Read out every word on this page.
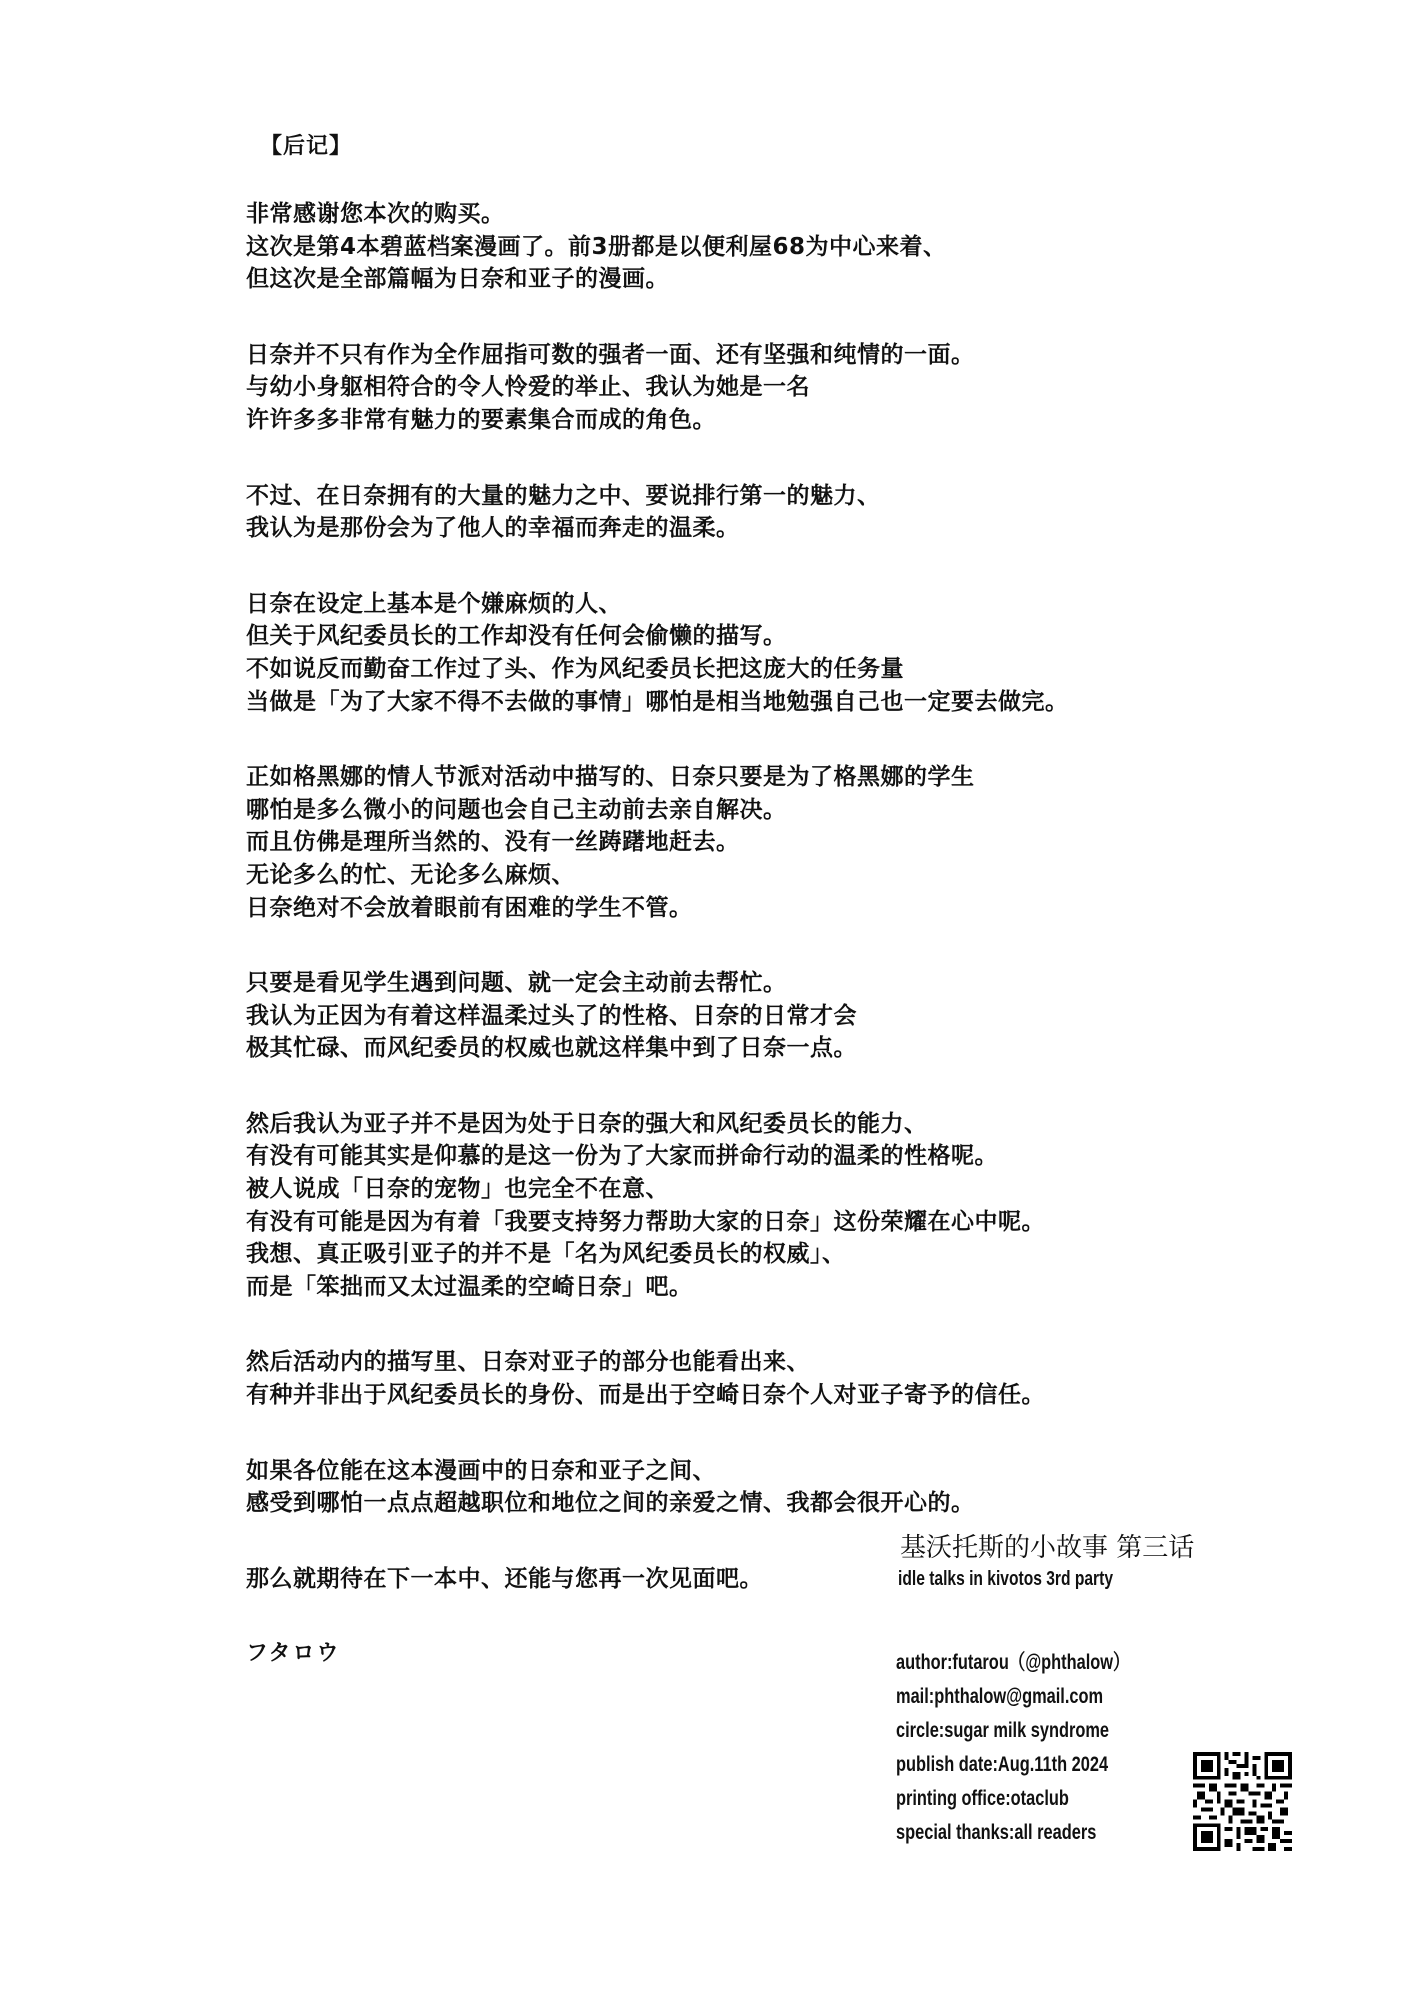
【后记】
非常感谢您本次的购买。
这次是第4本碧蓝档案漫画了。前3册都是以便利屋68为中心来着、
但这次是全部篇幅为日奈和亚子的漫画。
日奈并不只有作为全作屈指可数的强者一面、还有坚强和纯情的一面。
与幼小身躯相符合的令人怜爱的举止、我认为她是一名
许许多多非常有魅力的要素集合而成的角色。
不过、在日奈拥有的大量的魅力之中、要说排行第一的魅力、
我认为是那份会为了他人的幸福而奔走的温柔。
日奈在设定上基本是个嫌麻烦的人、
但关于风纪委员长的工作却没有任何会偷懒的描写。
不如说反而勤奋工作过了头、作为风纪委员长把这庞大的任务量
当做是「为了大家不得不去做的事情」哪怕是相当地勉强自己也一定要去做完。
正如格黑娜的情人节派对活动中描写的、日奈只要是为了格黑娜的学生
哪怕是多么微小的问题也会自己主动前去亲自解决。
而且仿佛是理所当然的、没有一丝踌躇地赶去。
无论多么的忙、无论多么麻烦、
日奈绝对不会放着眼前有困难的学生不管。
只要是看见学生遇到问题、就一定会主动前去帮忙。
我认为正因为有着这样温柔过头了的性格、日奈的日常才会
极其忙碌、而风纪委员的权威也就这样集中到了日奈一点。
然后我认为亚子并不是因为处于日奈的强大和风纪委员长的能力、
有没有可能其实是仰慕的是这一份为了大家而拼命行动的温柔的性格呢。
被人说成「日奈的宠物」也完全不在意、
有没有可能是因为有着「我要支持努力帮助大家的日奈」这份荣耀在心中呢。
我想、真正吸引亚子的并不是「名为风纪委员长的权威」、
而是「笨拙而又太过温柔的空崎日奈」吧。
然后活动内的描写里、日奈对亚子的部分也能看出来、
有种并非出于风纪委员长的身份、而是出于空崎日奈个人对亚子寄予的信任。
如果各位能在这本漫画中的日奈和亚子之间、
感受到哪怕一点点超越职位和地位之间的亲爱之情、我都会很开心的。
那么就期待在下一本中、还能与您再一次见面吧。
フタロウ
基沃托斯的小故事 第三话
idle talks in kivotos 3rd party
author:futarou（@phthalow）
mail:phthalow@gmail.com
circle:sugar milk syndrome
publish date:Aug.11th 2024
printing office:otaclub
special thanks:all readers
